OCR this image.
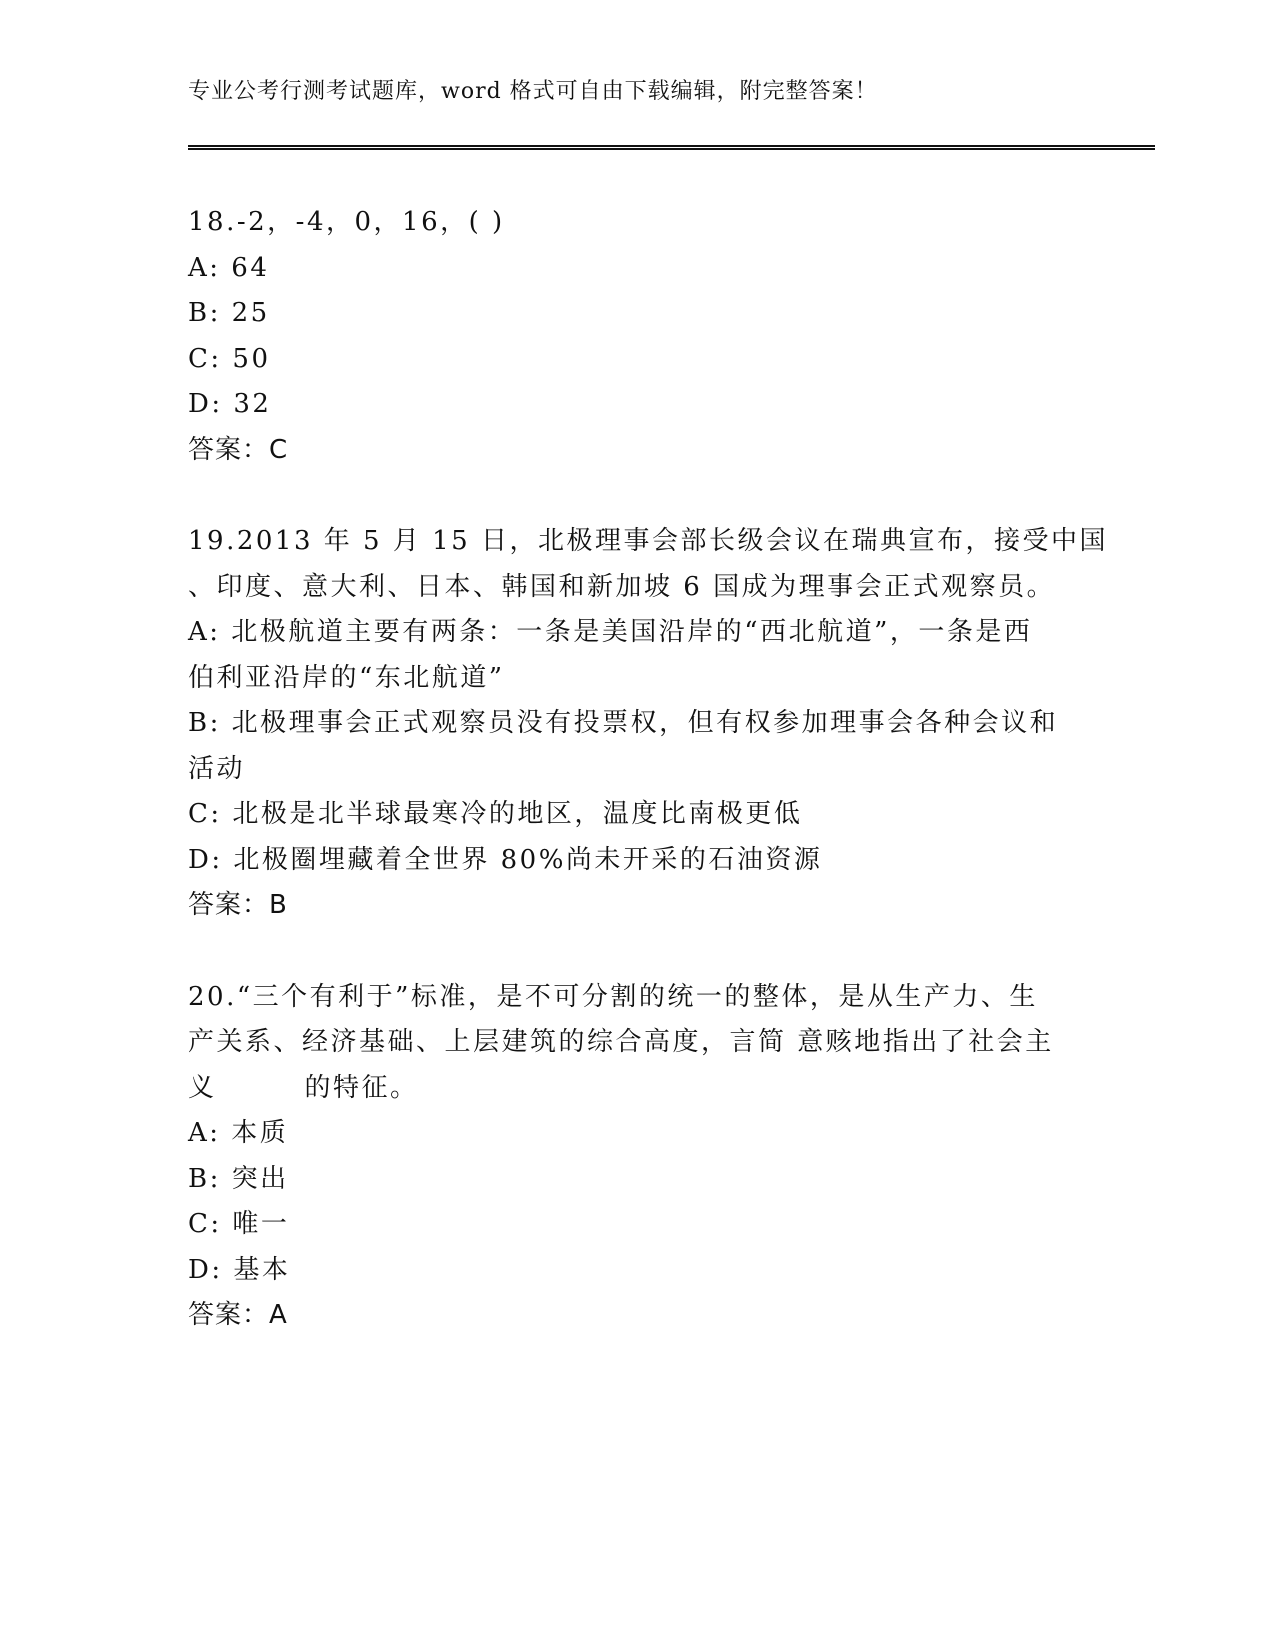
专业公考行测考试题库，word 格式可自由下载编辑，附完整答案！
18.-2，-4，0，16，( )
A: 64
B: 25
C: 50
D: 32
答案：C
19.2013 年 5 月 15 日，北极理事会部长级会议在瑞典宣布，接受中国
、印度、意大利、日本、韩国和新加坡 6 国成为理事会正式观察员。
A: 北极航道主要有两条：一条是美国沿岸的“西北航道”，一条是西
伯利亚沿岸的“东北航道”
B: 北极理事会正式观察员没有投票权，但有权参加理事会各种会议和
活动
C: 北极是北半球最寒冷的地区，温度比南极更低
D: 北极圈埋藏着全世界 80%尚未开采的石油资源
答案：B
20.“三个有利于”标准，是不可分割的统一的整体，是从生产力、生
产关系、经济基础、上层建筑的综合高度，言简 意赅地指出了社会主
义	的特征。
A: 本质
B: 突出
C: 唯一
D: 基本
答案：A
